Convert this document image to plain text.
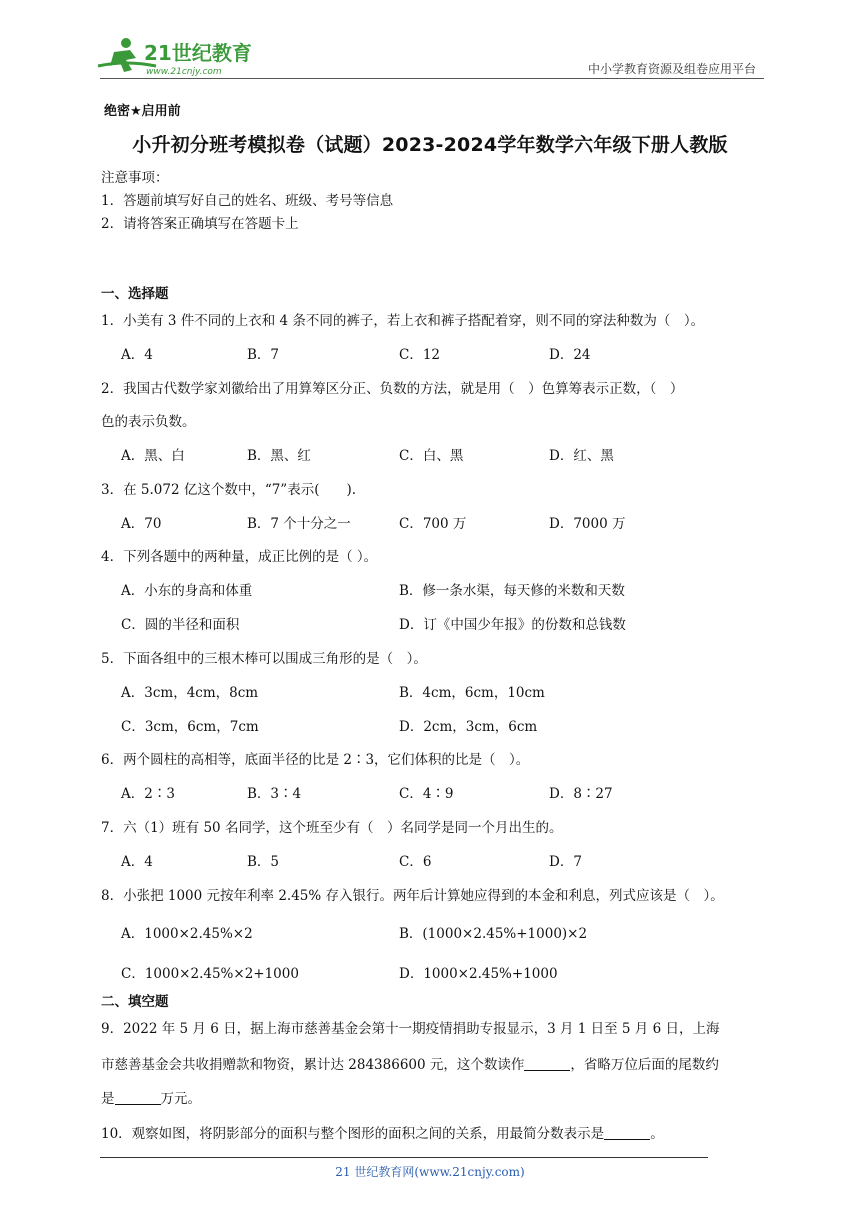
21世纪教育
www.21cnjy.com	中小学教育资源及组卷应用平台
绝密★启用前
小升初分班考模拟卷（试题）2023-2024学年数学六年级下册人教版
注意事项：
1．答题前填写好自己的姓名、班级、考号等信息
2．请将答案正确填写在答题卡上
一、选择题
1．小美有 3 件不同的上衣和 4 条不同的裤子，若上衣和裤子搭配着穿，则不同的穿法种数为（　）。
A．4	B．7	C．12	D．24
2．我国古代数学家刘徽给出了用算筹区分正、负数的方法，就是用（　）色算筹表示正数，（　）
色的表示负数。
A．黑、白	B．黑、红	C．白、黑	D．红、黑
3．在 5.072 亿这个数中，“7”表示(　　).
A．70	B．7 个十分之一	C．700 万	D．7000 万
4．下列各题中的两种量，成正比例的是（ ）。
A．小东的身高和体重	B．修一条水渠，每天修的米数和天数
C．圆的半径和面积	D．订《中国少年报》的份数和总钱数
5．下面各组中的三根木棒可以围成三角形的是（　）。
A．3cm，4cm，8cm	B．4cm，6cm，10cm
C．3cm，6cm，7cm	D．2cm，3cm，6cm
6．两个圆柱的高相等，底面半径的比是 2∶3，它们体积的比是（　）。
A．2∶3	B．3∶4	C．4∶9	D．8∶27
7．六（1）班有 50 名同学，这个班至少有（　）名同学是同一个月出生的。
A．4	B．5	C．6	D．7
8．小张把 1000 元按年利率 2.45% 存入银行。两年后计算她应得到的本金和利息，列式应该是（　）。
A．1000×2.45%×2	B．(1000×2.45%+1000)×2
C．1000×2.45%×2+1000	D．1000×2.45%+1000
二、填空题
9．2022 年 5 月 6 日，据上海市慈善基金会第十一期疫情捐助专报显示，3 月 1 日至 5 月 6 日，上海
市慈善基金会共收捐赠款和物资，累计达 284386600 元，这个数读作	，省略万位后面的尾数约
是	万元。
10．观察如图，将阴影部分的面积与整个图形的面积之间的关系，用最简分数表示是	。
21 世纪教育网(www.21cnjy.com)
